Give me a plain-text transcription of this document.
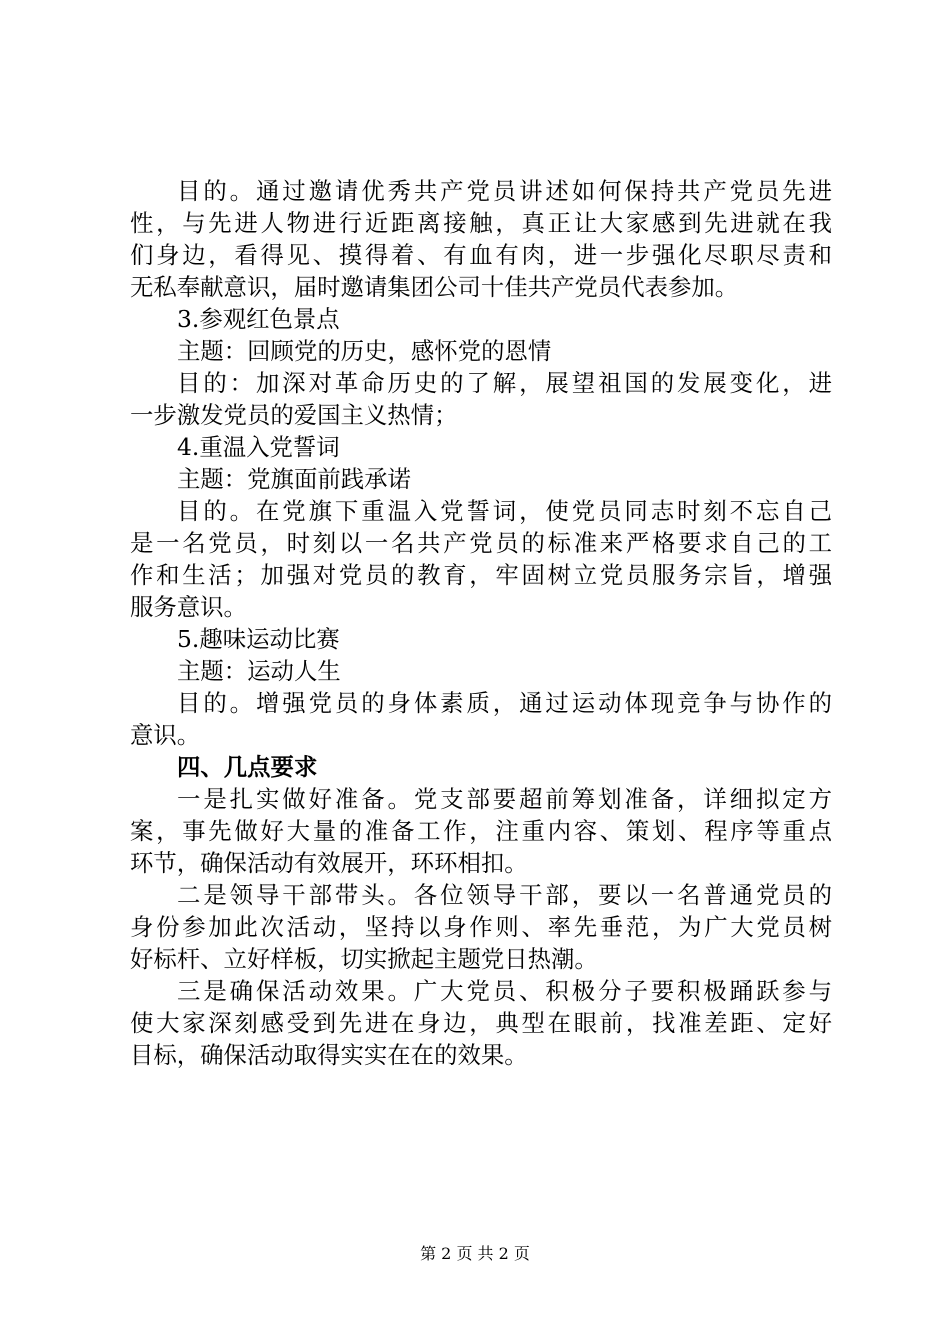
目的。通过邀请优秀共产党员讲述如何保持共产党员先进
性，与先进人物进行近距离接触，真正让大家感到先进就在我
们身边，看得见、摸得着、有血有肉，进一步强化尽职尽责和
无私奉献意识，届时邀请集团公司十佳共产党员代表参加。
3.参观红色景点
主题：回顾党的历史，感怀党的恩情
目的：加深对革命历史的了解，展望祖国的发展变化，进
一步激发党员的爱国主义热情；
4.重温入党誓词
主题：党旗面前践承诺
目的。在党旗下重温入党誓词，使党员同志时刻不忘自己
是一名党员，时刻以一名共产党员的标准来严格要求自己的工
作和生活；加强对党员的教育，牢固树立党员服务宗旨，增强
服务意识。
5.趣味运动比赛
主题：运动人生
目的。增强党员的身体素质，通过运动体现竞争与协作的
意识。
四、几点要求
一是扎实做好准备。党支部要超前筹划准备，详细拟定方
案，事先做好大量的准备工作，注重内容、策划、程序等重点
环节，确保活动有效展开，环环相扣。
二是领导干部带头。各位领导干部，要以一名普通党员的
身份参加此次活动，坚持以身作则、率先垂范，为广大党员树
好标杆、立好样板，切实掀起主题党日热潮。
三是确保活动效果。广大党员、积极分子要积极踊跃参与
使大家深刻感受到先进在身边，典型在眼前，找准差距、定好
目标，确保活动取得实实在在的效果。
第 2 页 共 2 页
